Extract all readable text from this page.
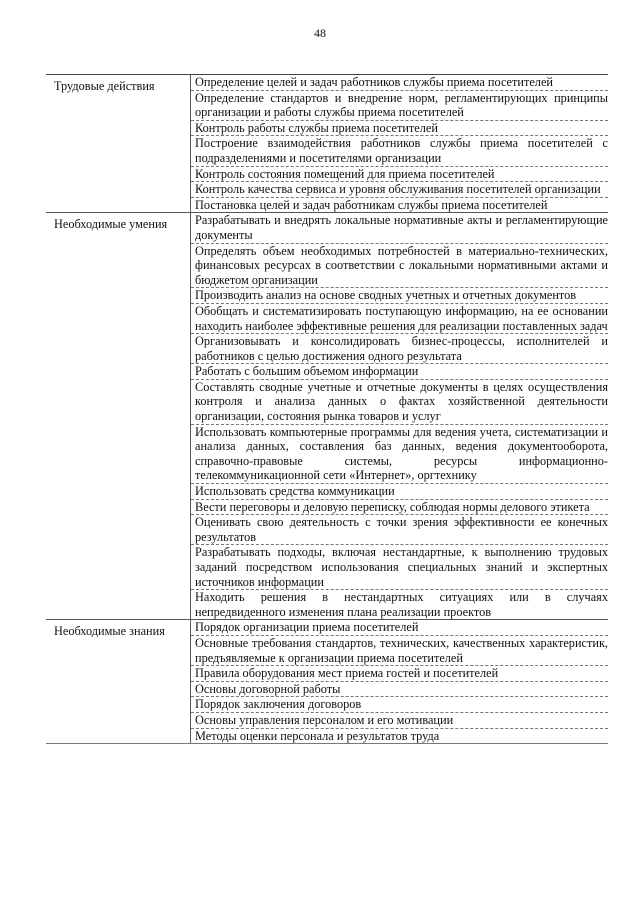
48
Трудовые действия	Определение целей и задач работников службы приема посетителей
Определение стандартов и внедрение норм, регламентирующих принципы организации и работы службы приема посетителей
Контроль работы службы приема посетителей
Построение взаимодействия работников службы приема посетителей с подразделениями и посетителями организации
Контроль состояния помещений для приема посетителей
Контроль качества сервиса и уровня обслуживания посетителей организации
Постановка целей и задач работникам службы приема посетителей
Необходимые умения	Разрабатывать и внедрять локальные нормативные акты и регламентирующие документы
Определять объем необходимых потребностей в материально-технических, финансовых ресурсах в соответствии с локальными нормативными актами и бюджетом организации
Производить анализ на основе сводных учетных и отчетных документов
Обобщать и систематизировать поступающую информацию, на ее основании находить наиболее эффективные решения для реализации поставленных задач
Организовывать и консолидировать бизнес-процессы, исполнителей и работников с целью достижения одного результата
Работать с большим объемом информации
Составлять сводные учетные и отчетные документы в целях осуществления контроля и анализа данных о фактах хозяйственной деятельности организации, состояния рынка товаров и услуг
Использовать компьютерные программы для ведения учета, систематизации и анализа данных, составления баз данных, ведения документооборота, справочно-правовые системы, ресурсы информационно-телекоммуникационной сети «Интернет», оргтехнику
Использовать средства коммуникации
Вести переговоры и деловую переписку, соблюдая нормы делового этикета
Оценивать свою деятельность с точки зрения эффективности ее конечных результатов
Разрабатывать подходы, включая нестандартные, к выполнению трудовых заданий посредством использования специальных знаний и экспертных источников информации
Находить решения в нестандартных ситуациях или в случаях непредвиденного изменения плана реализации проектов
Необходимые знания	Порядок организации приема посетителей
Основные требования стандартов, технических, качественных характеристик, предъявляемые к организации приема посетителей
Правила оборудования мест приема гостей и посетителей
Основы договорной работы
Порядок заключения договоров
Основы управления персоналом и его мотивации
Методы оценки персонала и результатов труда
